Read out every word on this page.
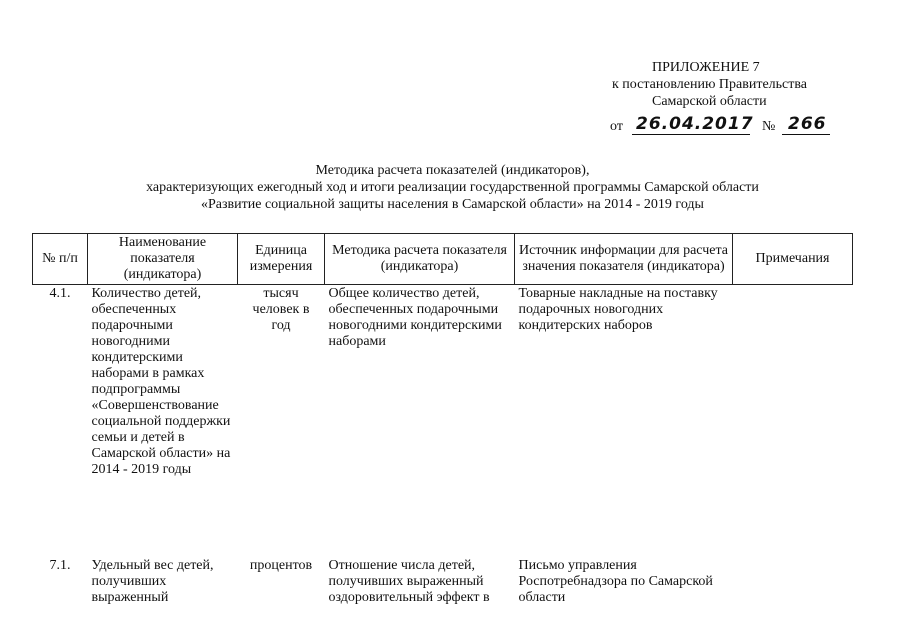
ПРИЛОЖЕНИЕ 7
к постановлению Правительства
Самарской области
от 26.04.2017 № 266
Методика расчета показателей (индикаторов),
характеризующих ежегодный ход и итоги реализации государственной программы Самарской области
«Развитие социальной защиты населения в Самарской области» на 2014 - 2019 годы
№ п/п	Наименование показателя (индикатора)	Единица измерения	Методика расчета показателя (индикатора)	Источник информации для расчета значения показателя (индикатора)	Примечания
4.1.	Количество детей, обеспеченных подарочными новогодними кондитерскими наборами в рамках подпрограммы «Совершенствование социальной поддержки семьи и детей в Самарской области» на 2014 - 2019 годы	тысяч человек в год	Общее количество детей, обеспеченных подарочными новогодними кондитерскими наборами	Товарные накладные на поставку подарочных новогодних кондитерских наборов	
7.1.	Удельный вес детей, получивших выраженный	процентов	Отношение числа детей, получивших выраженный оздоровительный эффект в	Письмо управления Роспотребнадзора по Самарской области	
